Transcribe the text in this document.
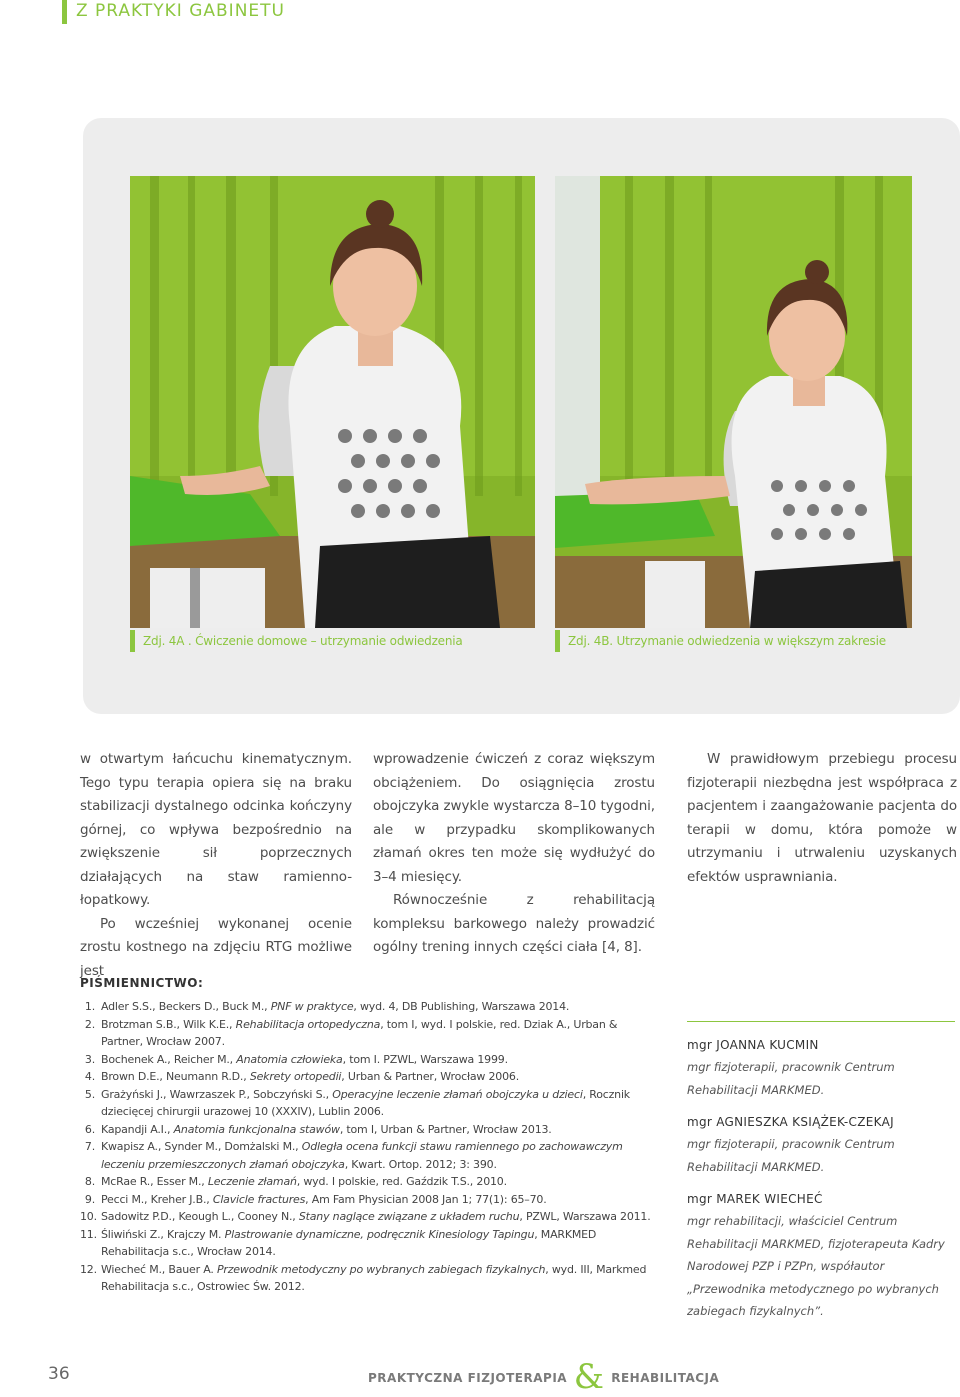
Z PRAKTYKI GABINETU
Zdj. 4A . Ćwiczenie domowe – utrzymanie odwiedzenia	Zdj. 4B. Utrzymanie odwiedzenia w większym zakresie

w otwartym łańcuchu kinematycznym. Tego typu terapia opiera się na braku stabilizacji dystalnego odcinka kończyny górnej, co wpływa bezpośrednio na zwiększenie sił poprzecznych działających na staw ramienno-łopatkowy.

Po wcześniej wykonanej ocenie zrostu kostnego na zdjęciu RTG możliwe jest

wprowadzenie ćwiczeń z coraz większym obciążeniem. Do osiągnięcia zrostu obojczyka zwykle wystarcza 8–10 tygodni, ale w przypadku skomplikowanych złamań okres ten może się wydłużyć do 3–4 miesięcy.

Równocześnie z rehabilitacją kompleksu barkowego należy prowadzić ogólny trening innych części ciała [4, 8].

W prawidłowym przebiegu procesu fizjoterapii niezbędna jest współpraca z pacjentem i zaangażowanie pacjenta do terapii w domu, która pomoże w utrzymaniu i utrwaleniu uzyskanych efektów usprawniania.

PIŚMIENNICTWO:
1. Adler S.S., Beckers D., Buck M., PNF w praktyce, wyd. 4, DB Publishing, Warszawa 2014.
2. Brotzman S.B., Wilk K.E., Rehabilitacja ortopedyczna, tom I, wyd. I polskie, red. Dziak A., Urban & Partner, Wrocław 2007.
3. Bochenek A., Reicher M., Anatomia człowieka, tom I. PZWL, Warszawa 1999.
4. Brown D.E., Neumann R.D., Sekrety ortopedii, Urban & Partner, Wrocław 2006.
5. Grażyński J., Wawrzaszek P., Sobczyński S., Operacyjne leczenie złamań obojczyka u dzieci, Rocznik dziecięcej chirurgii urazowej 10 (XXXIV), Lublin 2006.
6. Kapandji A.I., Anatomia funkcjonalna stawów, tom I, Urban & Partner, Wrocław 2013.
7. Kwapisz A., Synder M., Domżalski M., Odległa ocena funkcji stawu ramiennego po zachowawczym leczeniu przemieszczonych złamań obojczyka, Kwart. Ortop. 2012; 3: 390.
8. McRae R., Esser M., Leczenie złamań, wyd. I polskie, red. Gaździk T.S., 2010.
9. Pecci M., Kreher J.B., Clavicle fractures, Am Fam Physician 2008 Jan 1; 77(1): 65–70.
10. Sadowitz P.D., Keough L., Cooney N., Stany naglące związane z układem ruchu, PZWL, Warszawa 2011.
11. Śliwiński Z., Krajczy M. Plastrowanie dynamiczne, podręcznik Kinesiology Tapingu, MARKMED Rehabilitacja s.c., Wrocław 2014.
12. Wiecheć M., Bauer A. Przewodnik metodyczny po wybranych zabiegach fizykalnych, wyd. III, Markmed Rehabilitacja s.c., Ostrowiec Św. 2012.
mgr JOANNA KUCMIN
mgr fizjoterapii, pracownik Centrum Rehabilitacji MARKMED.
mgr AGNIESZKA KSIĄŻEK-CZEKAJ
mgr fizjoterapii, pracownik Centrum Rehabilitacji MARKMED.
mgr MAREK WIECHEĆ
mgr rehabilitacji, właściciel Centrum Rehabilitacji MARKMED, fizjoterapeuta Kadry Narodowej PZP i PZPn, współautor „Przewodnika metodycznego po wybranych zabiegach fizykalnych”.
36	PRAKTYCZNA FIZJOTERAPIA & REHABILITACJA
